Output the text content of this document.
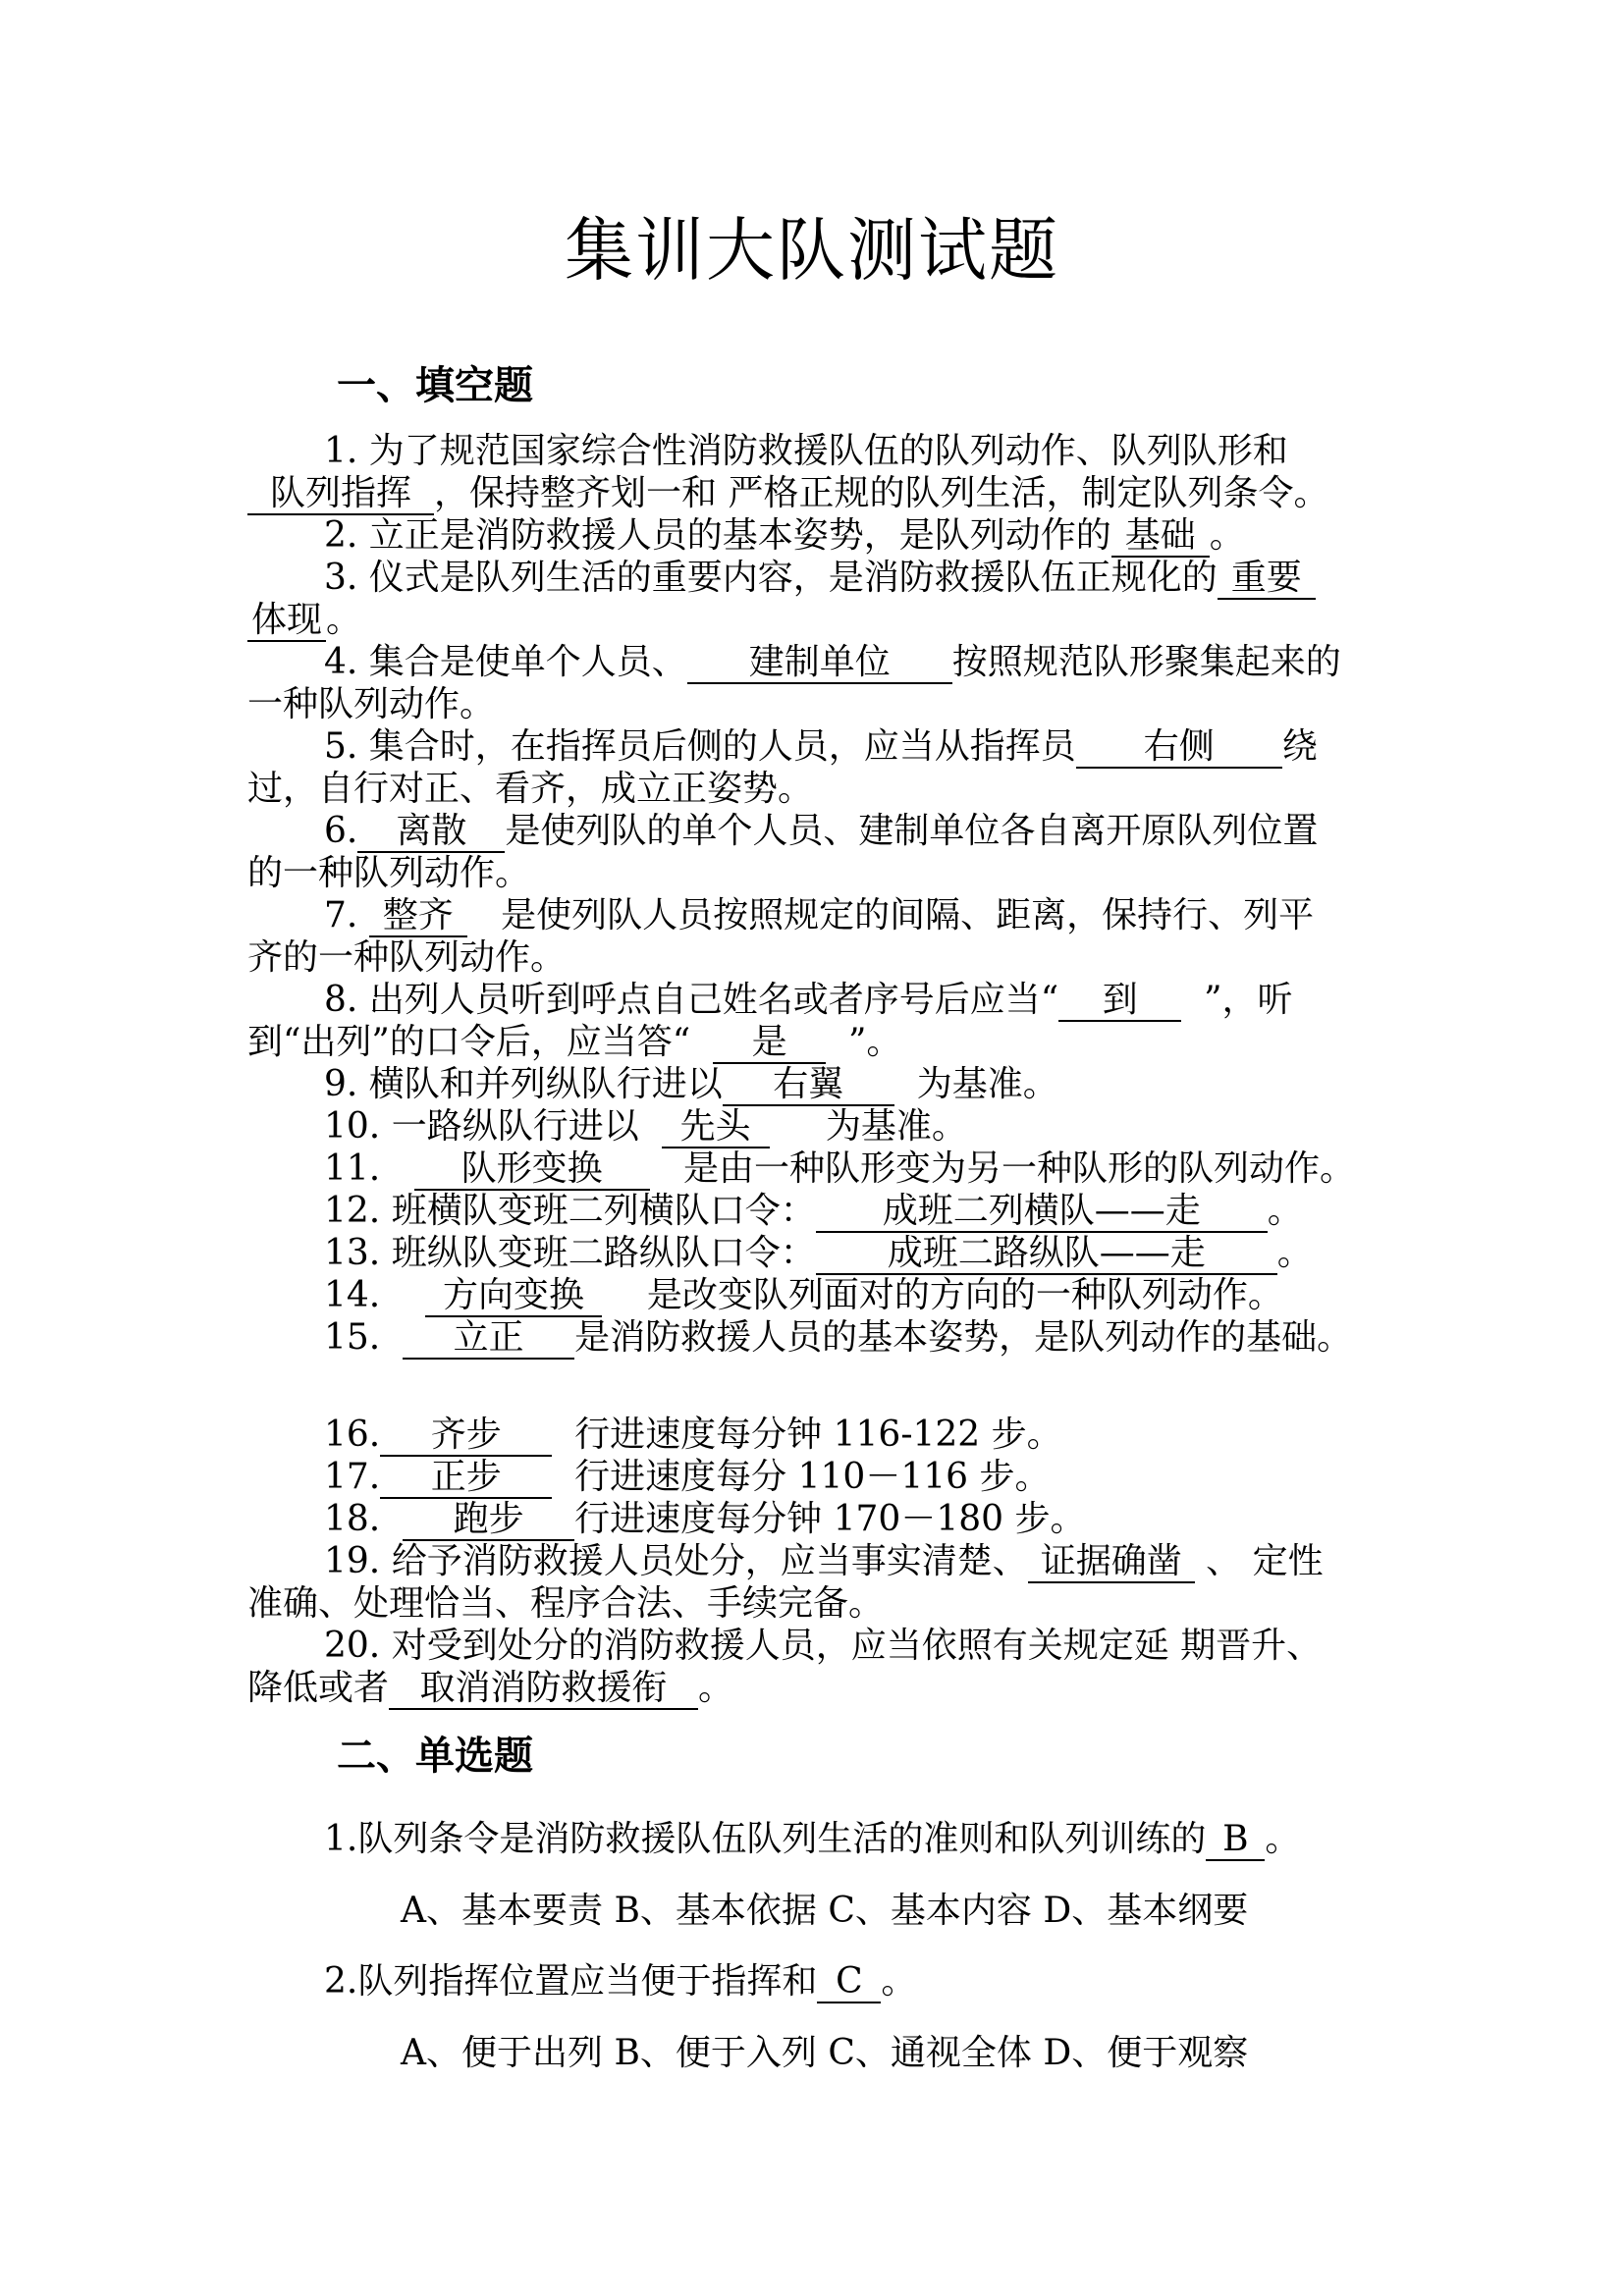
集训大队测试题
一、填空题
1. 为了规范国家综合性消防救援队伍的队列动作、队列队形和
队列指挥 ，保持整齐划一和 严格正规的队列生活，制定队列条令。
2. 立正是消防救援人员的基本姿势，是队列动作的 基础 。
3. 仪式是队列生活的重要内容，是消防救援队伍正规化的 重要
体现 。
4. 集合是使单个人员、 建制单位 按照规范队形聚集起来的
一种队列动作。
5. 集合时，在指挥员后侧的人员，应当从指挥员 右侧 绕
过，自行对正、看齐，成立正姿势。
6. 离散 是使列队的单个人员、建制单位各自离开原队列位置
的一种队列动作。
7. 整齐 是使列队人员按照规定的间隔、距离，保持行、列平
齐的一种队列动作。
8. 出列人员听到呼点自己姓名或者序号后应当“ 到 ”，听
到“出列”的口令后，应当答“ 是 ”。
9. 横队和并列纵队行进以 右翼 为基准。
10. 一路纵队行进以 先头 为基准。
11. 队形变换 是由一种队形变为另一种队形的队列动作。
12. 班横队变班二列横队口令： 成班二列横队——走 。
13. 班纵队变班二路纵队口令： 成班二路纵队——走 。
14. 方向变换 是改变队列面对的方向的一种队列动作。
15. 立正 是消防救援人员的基本姿势，是队列动作的基础。
16. 齐步 行进速度每分钟 116-122 步。
17. 正步 行进速度每分 110－116 步。
18. 跑步 行进速度每分钟 170－180 步。
19. 给予消防救援人员处分，应当事实清楚、 证据确凿 、 定性
准确、处理恰当、程序合法、手续完备。
20. 对受到处分的消防救援人员，应当依照有关规定延 期晋升、
降低或者 取消消防救援衔 。
二、单选题
1.队列条令是消防救援队伍队列生活的准则和队列训练的 B 。
A、基本要责 B、基本依据 C、基本内容 D、基本纲要
2.队列指挥位置应当便于指挥和 C 。
A、便于出列 B、便于入列 C、通视全体 D、便于观察
